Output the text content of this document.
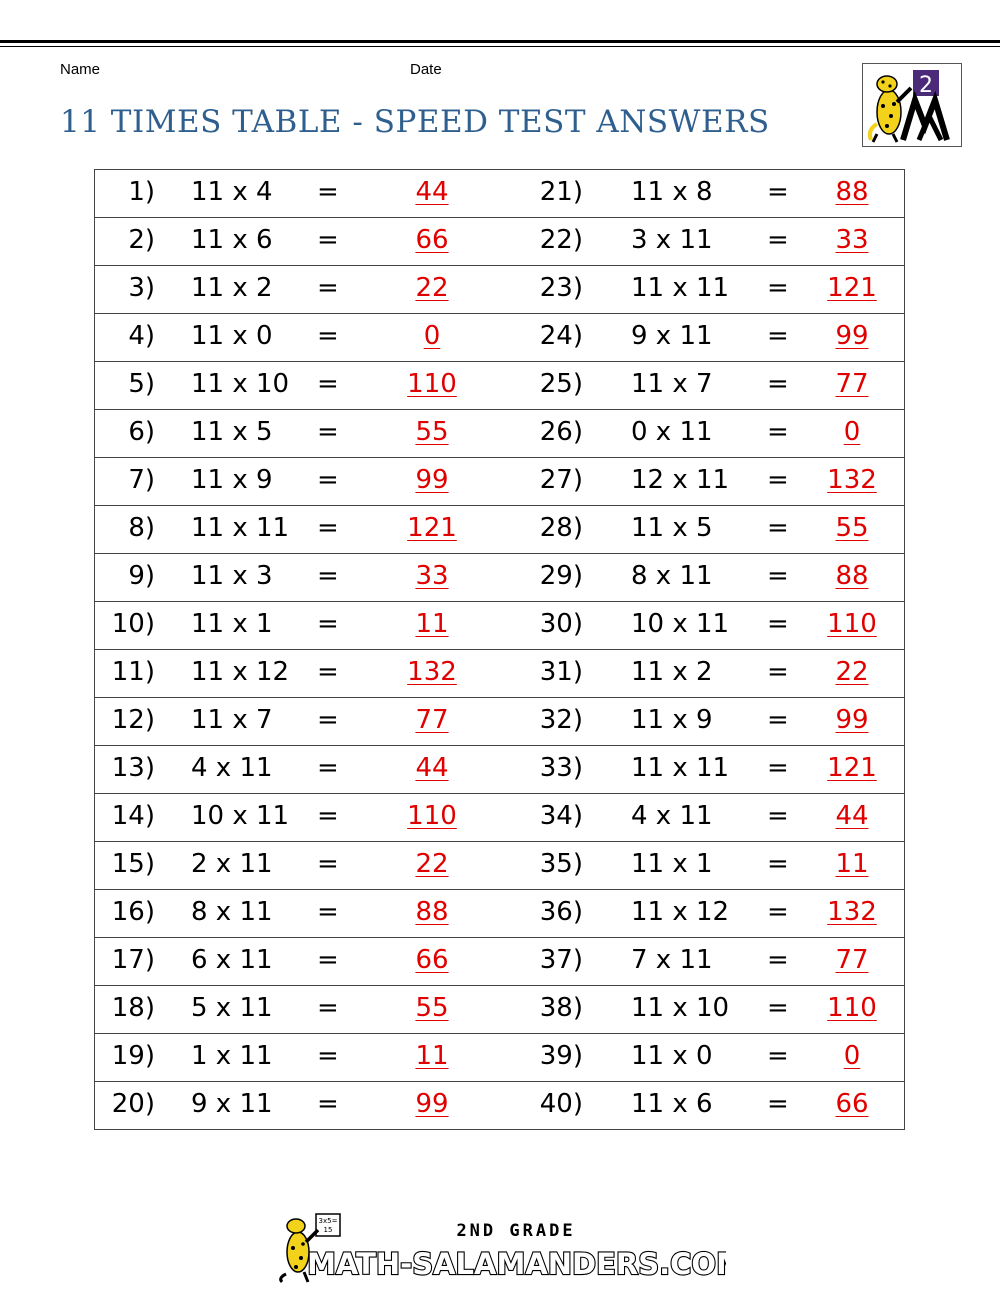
Name	Date
11 TIMES TABLE - SPEED TEST ANSWERS
2
1) 11 x 4 =	44	21) 11 x 8 =	88
2) 11 x 6 =	66	22) 3 x 11 =	33
3) 11 x 2 =	22	23) 11 x 11 =	121
4) 11 x 0 =	0	24) 9 x 11 =	99
5) 11 x 10 =	110	25) 11 x 7 =	77
6) 11 x 5 =	55	26) 0 x 11 =	0
7) 11 x 9 =	99	27) 12 x 11 =	132
8) 11 x 11 =	121	28) 11 x 5 =	55
9) 11 x 3 =	33	29) 8 x 11 =	88
10) 11 x 1 =	11	30) 10 x 11 =	110
11) 11 x 12 =	132	31) 11 x 2 =	22
12) 11 x 7 =	77	32) 11 x 9 =	99
13) 4 x 11 =	44	33) 11 x 11 =	121
14) 10 x 11 =	110	34) 4 x 11 =	44
15) 2 x 11 =	22	35) 11 x 1 =	11
16) 8 x 11 =	88	36) 11 x 12 =	132
17) 6 x 11 =	66	37) 7 x 11 =	77
18) 5 x 11 =	55	38) 11 x 10 =	110
19) 1 x 11 =	11	39) 11 x 0 =	0
20) 9 x 11 =	99	40) 11 x 6 =	66
3x5=
15	2ND GRADE
MATH-SALAMANDERS.COM
